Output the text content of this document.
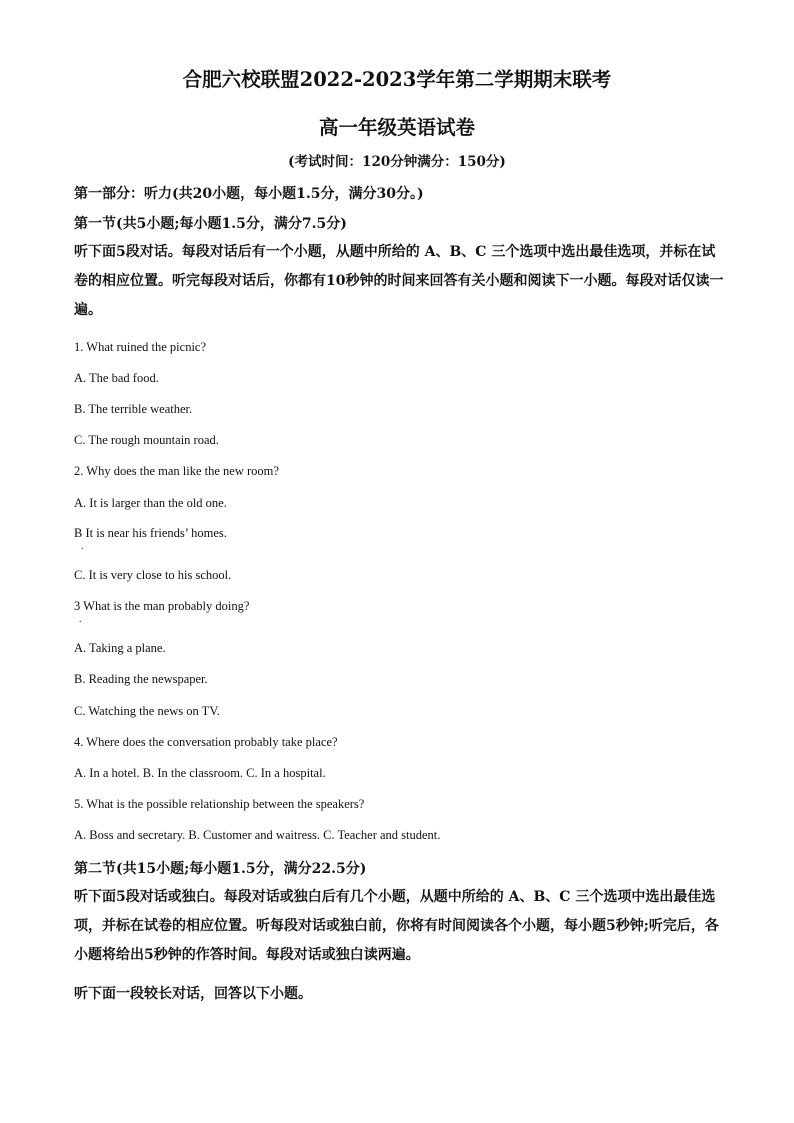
合肥六校联盟2022-2023学年第二学期期末联考
高一年级英语试卷
(考试时间：120分钟满分：150分)
第一部分：听力(共20小题，每小题1.5分，满分30分。)
第一节(共5小题;每小题1.5分，满分7.5分)
听下面5段对话。每段对话后有一个小题，从题中所给的 A、B、C 三个选项中选出最佳选项，并标在试卷的相应位置。听完每段对话后，你都有10秒钟的时间来回答有关小题和阅读下一小题。每段对话仅读一遍。
1. What ruined the picnic?
A. The bad food.
B. The terrible weather.
C. The rough mountain road.
2. Why does the man like the new room?
A. It is larger than the old one.
B It is near his friends’ homes.
.
C. It is very close to his school.
3 What is the man probably doing?
.
A. Taking a plane.
B. Reading the newspaper.
C. Watching the news on TV.
4. Where does the conversation probably take place?
A. In a hotel. B. In the classroom. C. In a hospital.
5. What is the possible relationship between the speakers?
A. Boss and secretary. B. Customer and waitress. C. Teacher and student.
第二节(共15小题;每小题1.5分，满分22.5分)
听下面5段对话或独白。每段对话或独白后有几个小题，从题中所给的 A、B、C 三个选项中选出最佳选项，并标在试卷的相应位置。听每段对话或独白前，你将有时间阅读各个小题，每小题5秒钟;听完后，各小题将给出5秒钟的作答时间。每段对话或独白读两遍。
听下面一段较长对话，回答以下小题。
